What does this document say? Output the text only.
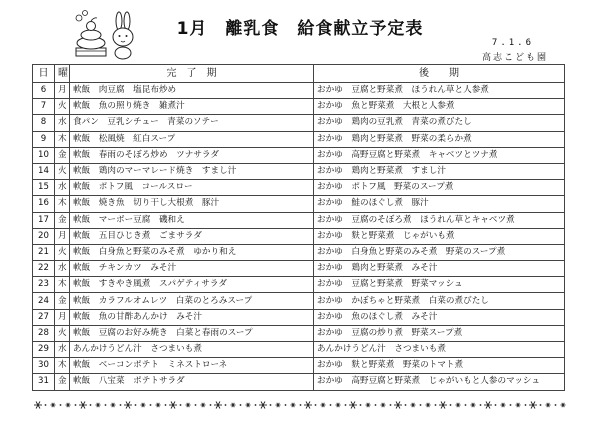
1月　離乳食　給食献立予定表
7.1.6
高志こども園
日	曜	完　了　期	後　　期
6	月	軟飯　肉豆腐　塩昆布炒め	おかゆ　豆腐と野菜煮　ほうれん草と人参煮
7	火	軟飯　魚の照り焼き　雑煮汁	おかゆ　魚と野菜煮　大根と人参煮
8	水	食パン　豆乳シチュー　青菜のソテー	おかゆ　鶏肉の豆乳煮　青菜の煮びたし
9	木	軟飯　松風焼　紅白スープ	おかゆ　鶏肉と野菜煮　野菜の柔らか煮
10	金	軟飯　春雨のそぼろ炒め　ツナサラダ	おかゆ　高野豆腐と野菜煮　キャベツとツナ煮
14	火	軟飯　鶏肉のマーマレード焼き　すまし汁	おかゆ　鶏肉と野菜煮　すまし汁
15	水	軟飯　ポトフ風　コールスロー	おかゆ　ポトフ風　野菜のスープ煮
16	木	軟飯　焼き魚　切り干し大根煮　豚汁	おかゆ　鮭のほぐし煮　豚汁
17	金	軟飯　マーボー豆腐　磯和え	おかゆ　豆腐のそぼろ煮　ほうれん草とキャベツ煮
20	月	軟飯　五目ひじき煮　ごまサラダ	おかゆ　麩と野菜煮　じゃがいも煮
21	火	軟飯　白身魚と野菜のみそ煮　ゆかり和え	おかゆ　白身魚と野菜のみそ煮　野菜のスープ煮
22	水	軟飯　チキンカツ　みそ汁	おかゆ　鶏肉と野菜煮　みそ汁
23	木	軟飯　すきやき風煮　スパゲティサラダ	おかゆ　豆腐と野菜煮　野菜マッシュ
24	金	軟飯　カラフルオムレツ　白菜のとろみスープ	おかゆ　かぼちゃと野菜煮　白菜の煮びたし
27	月	軟飯　魚の甘酢あんかけ　みそ汁	おかゆ　魚のほぐし煮　みそ汁
28	火	軟飯　豆腐のお好み焼き　白菜と春雨のスープ	おかゆ　豆腐の炒り煮　野菜スープ煮
29	水	あんかけうどん汁　さつまいも煮	あんかけうどん汁　さつまいも煮
30	木	軟飯　ベーコンポテト　ミネストローネ	おかゆ　麩と野菜煮　野菜のトマト煮
31	金	軟飯　八宝菜　ポテトサラダ	おかゆ　高野豆腐と野菜煮　じゃがいもと人参のマッシュ
